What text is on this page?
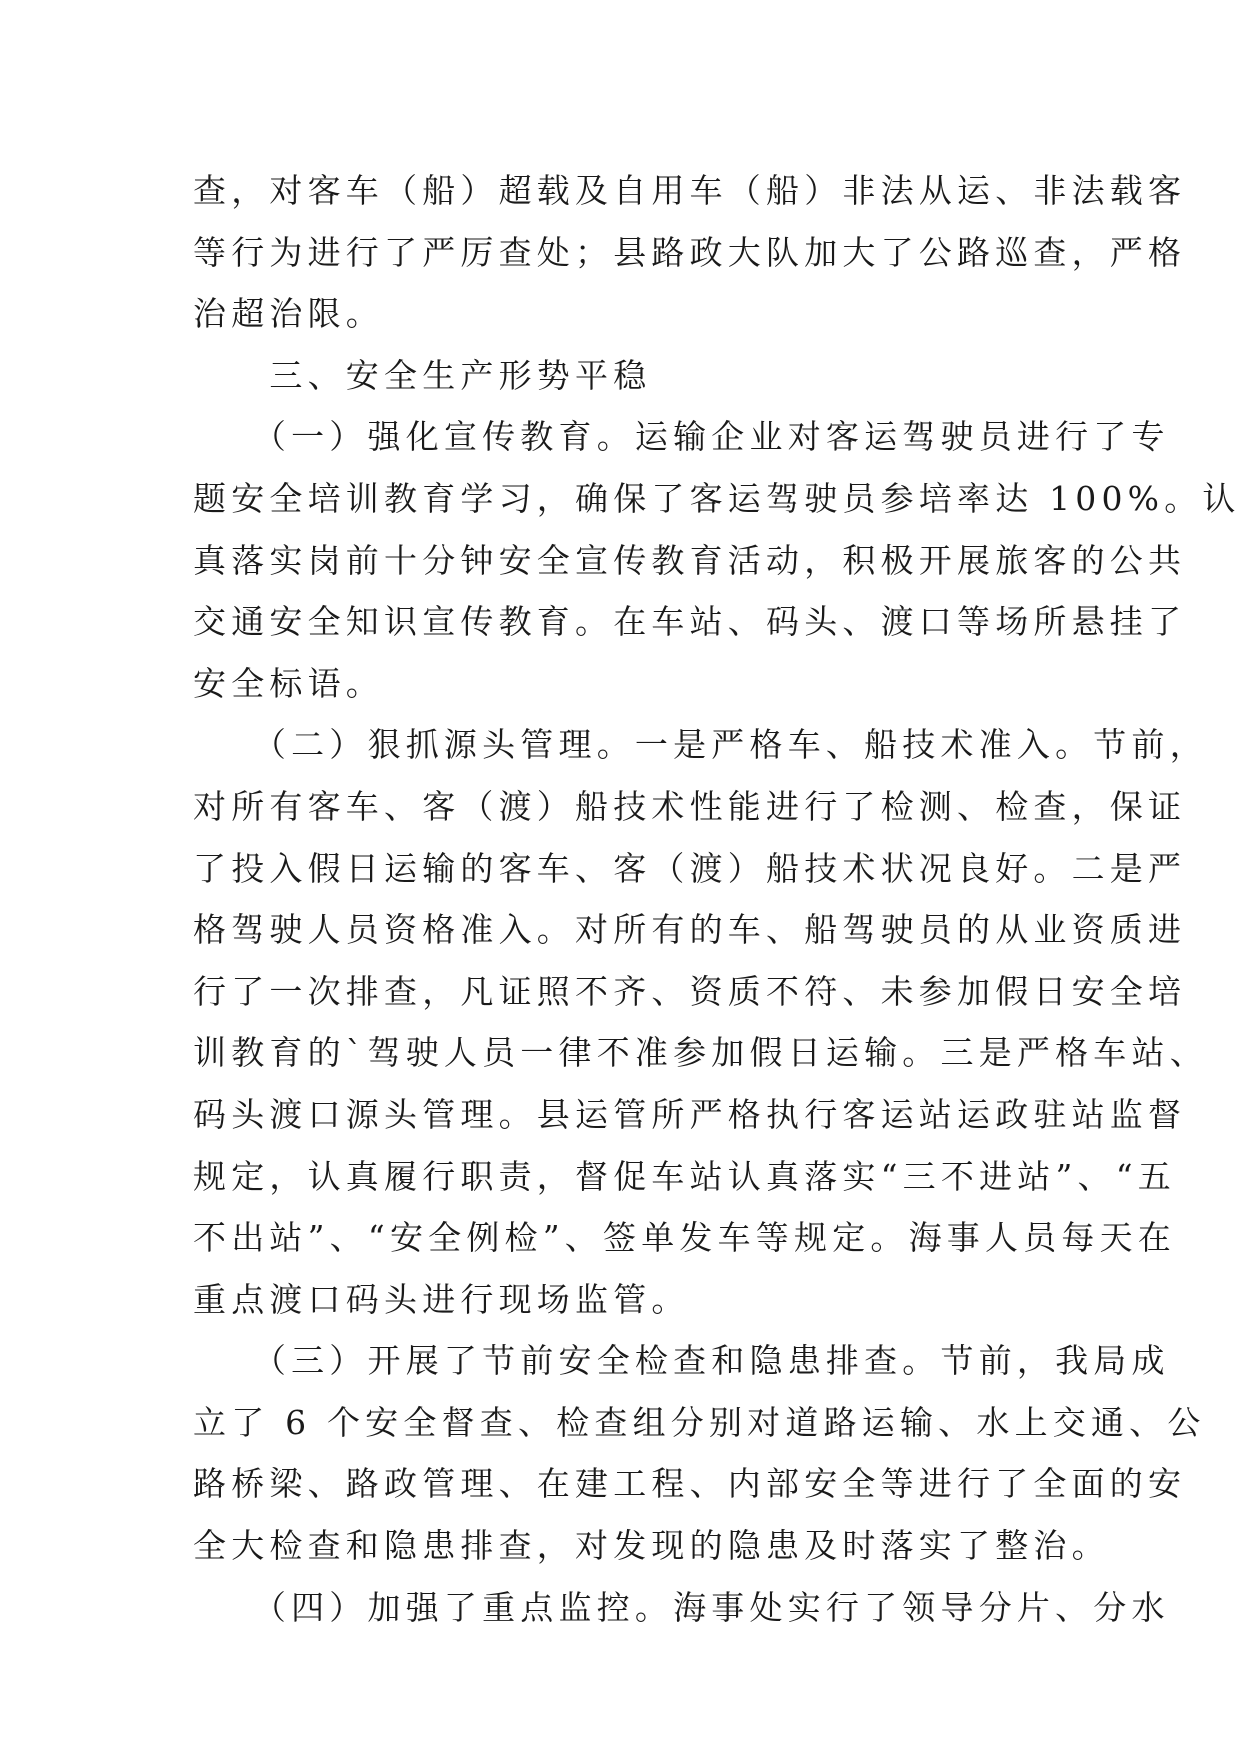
查，对客车（船）超载及自用车（船）非法从运、非法载客
等行为进行了严厉查处；县路政大队加大了公路巡查，严格
治超治限。
　　三、安全生产形势平稳
　　（一）强化宣传教育。运输企业对客运驾驶员进行了专
题安全培训教育学习，确保了客运驾驶员参培率达 100%。认
真落实岗前十分钟安全宣传教育活动，积极开展旅客的公共
交通安全知识宣传教育。在车站、码头、渡口等场所悬挂了
安全标语。
　　（二）狠抓源头管理。一是严格车、船技术准入。节前，
对所有客车、客（渡）船技术性能进行了检测、检查，保证
了投入假日运输的客车、客（渡）船技术状况良好。二是严
格驾驶人员资格准入。对所有的车、船驾驶员的从业资质进
行了一次排查，凡证照不齐、资质不符、未参加假日安全培
训教育的`驾驶人员一律不准参加假日运输。三是严格车站、
码头渡口源头管理。县运管所严格执行客运站运政驻站监督
规定，认真履行职责，督促车站认真落实“三不进站”、“五
不出站”、“安全例检”、签单发车等规定。海事人员每天在
重点渡口码头进行现场监管。
　　（三）开展了节前安全检查和隐患排查。节前，我局成
立了 6 个安全督查、检查组分别对道路运输、水上交通、公
路桥梁、路政管理、在建工程、内部安全等进行了全面的安
全大检查和隐患排查，对发现的隐患及时落实了整治。
　　（四）加强了重点监控。海事处实行了领导分片、分水
